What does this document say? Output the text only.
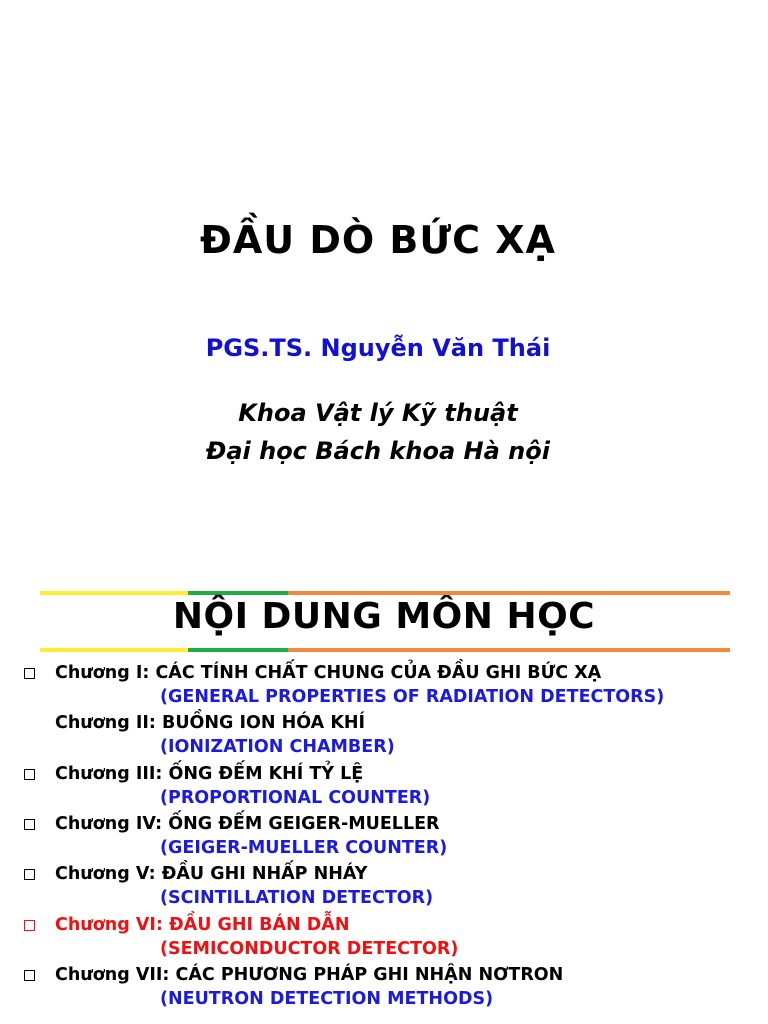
ĐẦU DÒ BỨC XẠ
PGS.TS. Nguyễn Văn Thái
Khoa Vật lý Kỹ thuật
Đại học Bách khoa Hà nội
NỘI DUNG MÔN HỌC
Chương I: CÁC TÍNH CHẤT CHUNG CỦA ĐẦU GHI BỨC XẠ
(GENERAL PROPERTIES OF RADIATION DETECTORS)
Chương II: BUỒNG ION HÓA KHÍ
(IONIZATION CHAMBER)
Chương III: ỐNG ĐẾM KHÍ TỶ LỆ
(PROPORTIONAL COUNTER)
Chương IV: ỐNG ĐẾM GEIGER-MUELLER
(GEIGER-MUELLER COUNTER)
Chương V: ĐẦU GHI NHẤP NHÁY
(SCINTILLATION DETECTOR)
Chương VI: ĐẦU GHI BÁN DẪN
(SEMICONDUCTOR DETECTOR)
Chương VII: CÁC PHƯƠNG PHÁP GHI NHẬN NƠTRON
(NEUTRON DETECTION METHODS)
